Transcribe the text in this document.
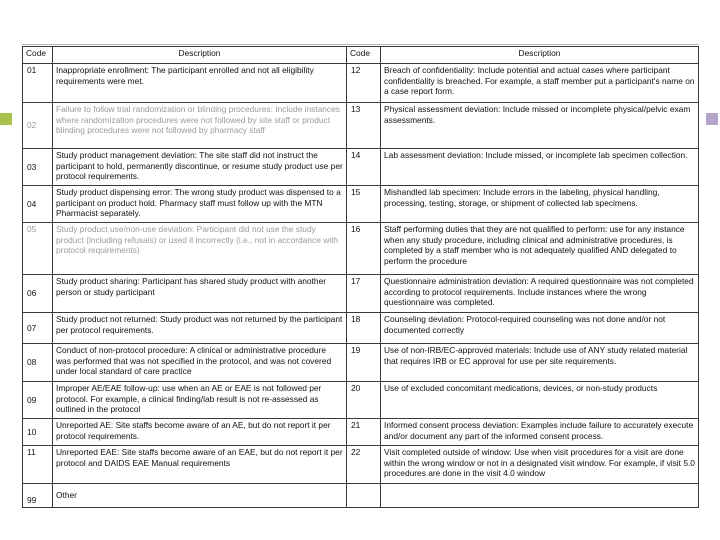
Code	Description	Code	Description
01	Inappropriate enrollment: The participant enrolled and not all eligibility requirements were met.	12	Breach of confidentiality: Include potential and actual cases where participant confidentiality is breached. For example, a staff member put a participant's name on a case report form.
02	Failure to follow trial randomization or blinding procedures: Include instances where randomization procedures were not followed by site staff or product blinding procedures were not followed by pharmacy staff	13	Physical assessment deviation: Include missed or incomplete physical/pelvic exam assessments.
03	Study product management deviation: The site staff did not instruct the participant to hold, permanently discontinue, or resume study product use per protocol requirements.	14	Lab assessment deviation: Include missed, or incomplete lab specimen collection.
04	Study product dispensing error: The wrong study product was dispensed to a participant on product hold. Pharmacy staff must follow up with the MTN Pharmacist separately.	15	Mishandled lab specimen: Include errors in the labeling, physical handling, processing, testing, storage, or shipment of collected lab specimens.
05	Study product use/non-use deviation: Participant did not use the study product (including refusals) or used it incorrectly (i.e., not in accordance with protocol requirements)	16	Staff performing duties that they are not qualified to perform: use for any instance when any study procedure, including clinical and administrative procedures, is completed by a staff member who is not adequately qualified AND delegated to perform the procedure
06	Study product sharing: Participant has shared study product with another person or study participant	17	Questionnaire administration deviation: A required questionnaire was not completed according to protocol requirements. Include instances where the wrong questionnaire was completed.
07	Study product not returned: Study product was not returned by the participant per protocol requirements.	18	Counseling deviation: Protocol-required counseling was not done and/or not documented correctly
08	Conduct of non-protocol procedure: A clinical or administrative procedure was performed that was not specified in the protocol, and was not covered under local standard of care practice	19	Use of non-IRB/EC-approved materials: Include use of ANY study related material that requires IRB or EC approval for use per site requirements.
09	Improper AE/EAE follow-up: use when an AE or EAE is not followed per protocol. For example, a clinical finding/lab result is not re-assessed as outlined in the protocol	20	Use of excluded concomitant medications, devices, or non-study products
10	Unreported AE: Site staffs become aware of an AE, but do not report it per protocol requirements.	21	Informed consent process deviation: Examples include failure to accurately execute and/or document any part of the informed consent process.
11	Unreported EAE: Site staffs become aware of an EAE, but do not report it per protocol and DAIDS EAE Manual requirements	22	Visit completed outside of window: Use when visit procedures for a visit are done within the wrong window or not in a designated visit window. For example, if visit 5.0 procedures are done in the visit 4.0 window
99	Other		
